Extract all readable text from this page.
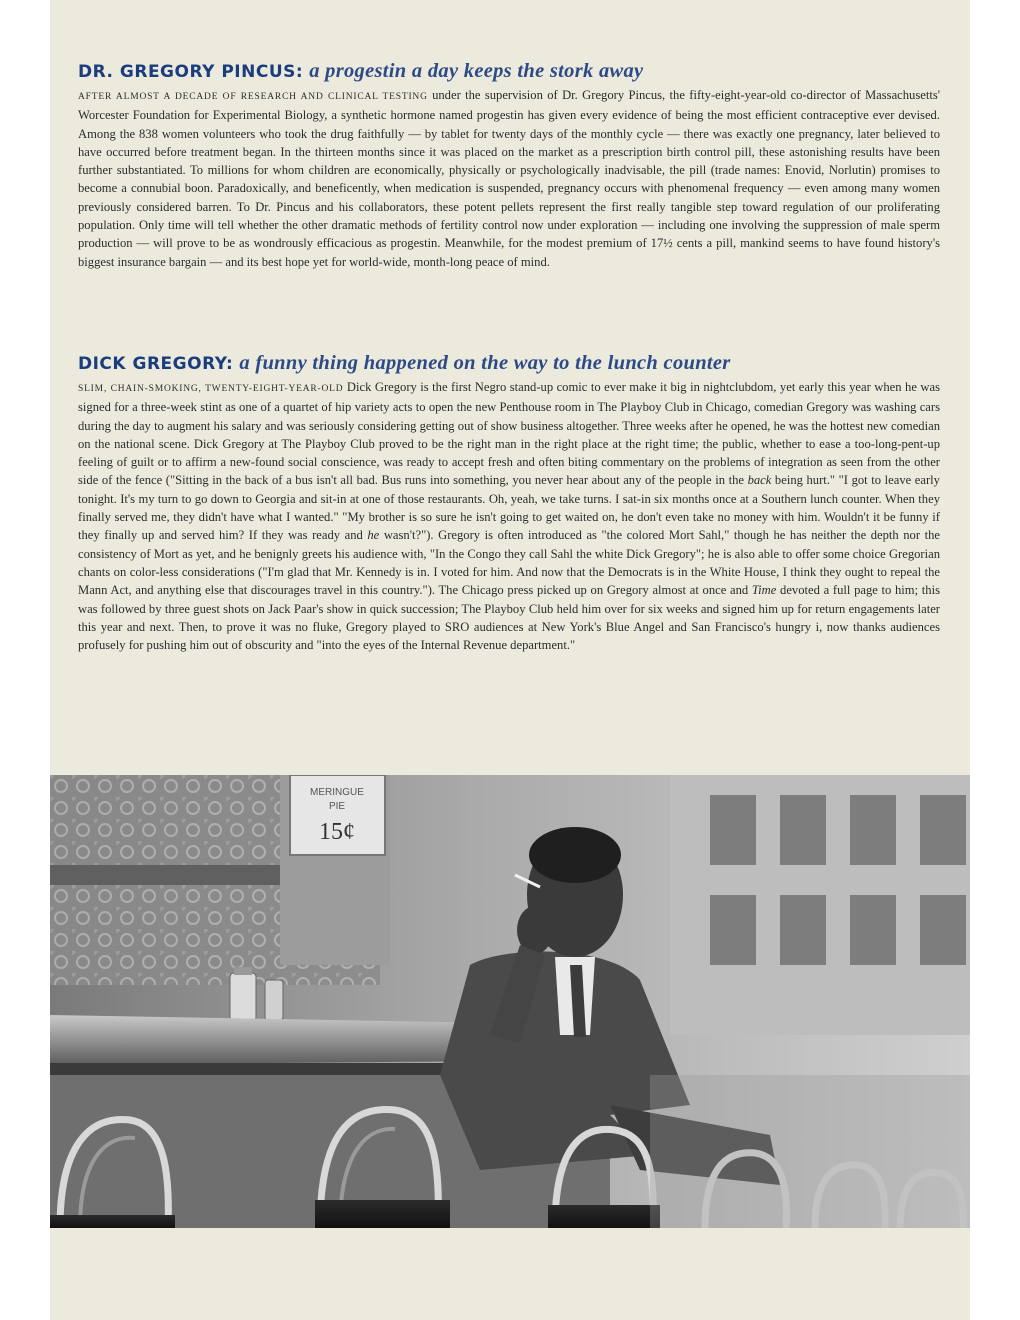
DR. GREGORY PINCUS: a progestin a day keeps the stork away

AFTER ALMOST A DECADE OF RESEARCH AND CLINICAL TESTING under the supervision of Dr. Gregory Pincus, the fifty-eight-year-old co-director of Massachusetts' Worcester Foundation for Experimental Biology, a synthetic hormone named progestin has given every evidence of being the most efficient contraceptive ever devised. Among the 838 women volunteers who took the drug faithfully — by tablet for twenty days of the monthly cycle — there was exactly one pregnancy, later believed to have occurred before treatment began. In the thirteen months since it was placed on the market as a prescription birth control pill, these astonishing results have been further substantiated. To millions for whom children are economically, physically or psychologically inadvisable, the pill (trade names: Enovid, Norlutin) promises to become a connubial boon. Paradoxically, and beneficently, when medication is suspended, pregnancy occurs with phenomenal frequency — even among many women previously considered barren. To Dr. Pincus and his collaborators, these potent pellets represent the first really tangible step toward regulation of our proliferating population. Only time will tell whether the other dramatic methods of fertility control now under exploration — including one involving the suppression of male sperm production — will prove to be as wondrously efficacious as progestin. Meanwhile, for the modest premium of 17½ cents a pill, mankind seems to have found history's biggest insurance bargain — and its best hope yet for world-wide, month-long peace of mind.

DICK GREGORY: a funny thing happened on the way to the lunch counter

SLIM, CHAIN-SMOKING, TWENTY-EIGHT-YEAR-OLD Dick Gregory is the first Negro stand-up comic to ever make it big in nightclubdom, yet early this year when he was signed for a three-week stint as one of a quartet of hip variety acts to open the new Penthouse room in The Playboy Club in Chicago, comedian Gregory was washing cars during the day to augment his salary and was seriously considering getting out of show business altogether. Three weeks after he opened, he was the hottest new comedian on the national scene. Dick Gregory at The Playboy Club proved to be the right man in the right place at the right time; the public, whether to ease a too-long-pent-up feeling of guilt or to affirm a new-found social conscience, was ready to accept fresh and often biting commentary on the problems of integration as seen from the other side of the fence ("Sitting in the back of a bus isn't all bad. Bus runs into something, you never hear about any of the people in the back being hurt." "I got to leave early tonight. It's my turn to go down to Georgia and sit-in at one of those restaurants. Oh, yeah, we take turns. I sat-in six months once at a Southern lunch counter. When they finally served me, they didn't have what I wanted." "My brother is so sure he isn't going to get waited on, he don't even take no money with him. Wouldn't it be funny if they finally up and served him? If they was ready and he wasn't?"). Gregory is often introduced as "the colored Mort Sahl," though he has neither the depth nor the consistency of Mort as yet, and he benignly greets his audience with, "In the Congo they call Sahl the white Dick Gregory"; he is also able to offer some choice Gregorian chants on color-less considerations ("I'm glad that Mr. Kennedy is in. I voted for him. And now that the Democrats is in the White House, I think they ought to repeal the Mann Act, and anything else that discourages travel in this country."). The Chicago press picked up on Gregory almost at once and Time devoted a full page to him; this was followed by three guest shots on Jack Paar's show in quick succession; The Playboy Club held him over for six weeks and signed him up for return engagements later this year and next. Then, to prove it was no fluke, Gregory played to SRO audiences at New York's Blue Angel and San Francisco's hungry i, now thanks audiences profusely for pushing him out of obscurity and "into the eyes of the Internal Revenue department."

MERINGUE
PIE
15¢
